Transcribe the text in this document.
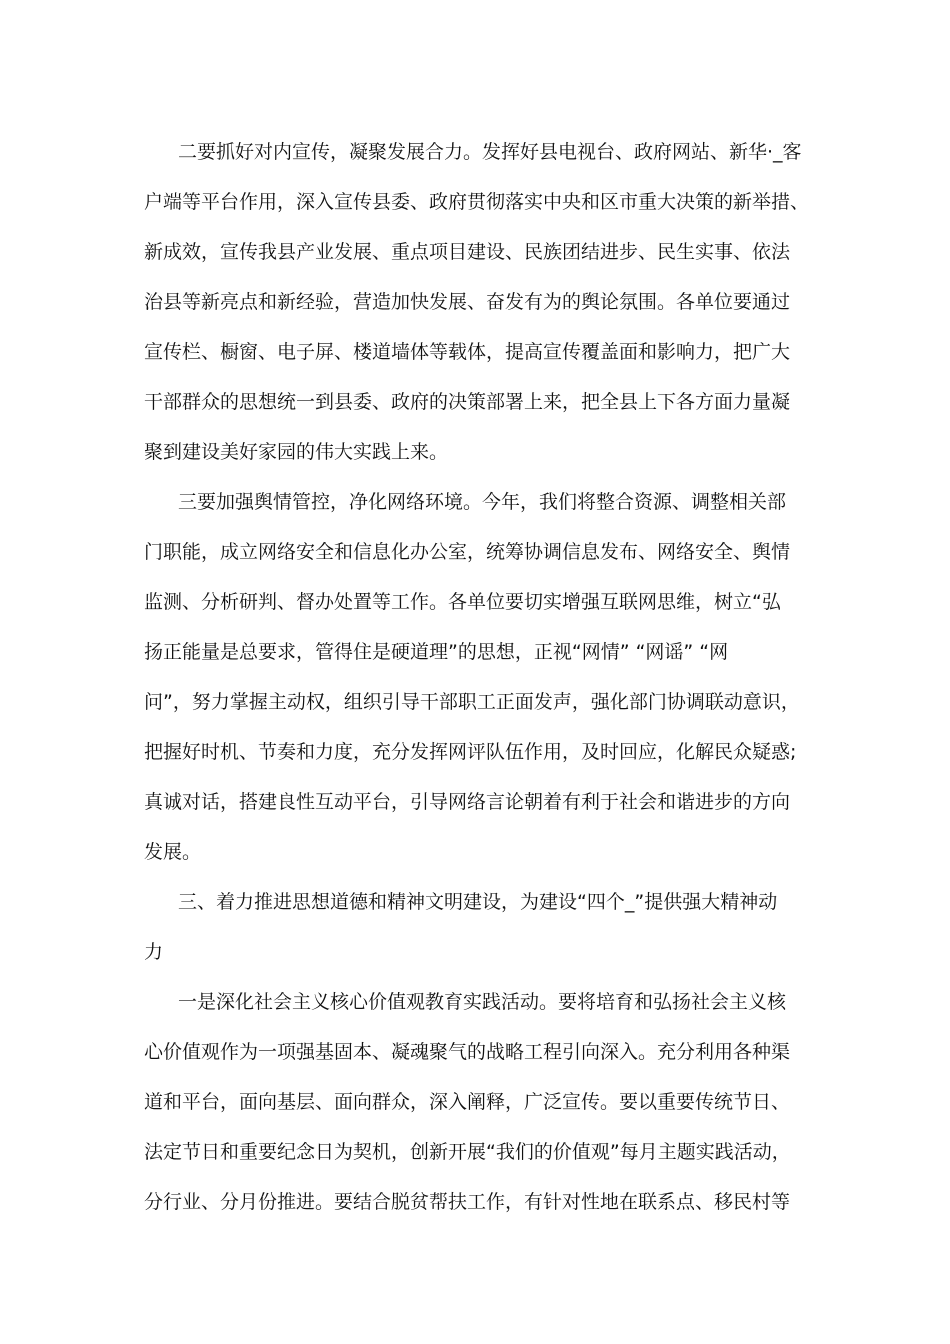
二要抓好对内宣传，凝聚发展合力。发挥好县电视台、政府网站、新华·_客
户端等平台作用，深入宣传县委、政府贯彻落实中央和区市重大决策的新举措、
新成效，宣传我县产业发展、重点项目建设、民族团结进步、民生实事、依法
治县等新亮点和新经验，营造加快发展、奋发有为的舆论氛围。各单位要通过
宣传栏、橱窗、电子屏、楼道墙体等载体，提高宣传覆盖面和影响力，把广大
干部群众的思想统一到县委、政府的决策部署上来，把全县上下各方面力量凝
聚到建设美好家园的伟大实践上来。
三要加强舆情管控，净化网络环境。今年，我们将整合资源、调整相关部
门职能，成立网络安全和信息化办公室，统筹协调信息发布、网络安全、舆情
监测、分析研判、督办处置等工作。各单位要切实增强互联网思维，树立“弘
扬正能量是总要求，管得住是硬道理”的思想，正视“网情” “网谣” “网
问”，努力掌握主动权，组织引导干部职工正面发声，强化部门协调联动意识，
把握好时机、节奏和力度，充分发挥网评队伍作用，及时回应，化解民众疑惑;
真诚对话，搭建良性互动平台，引导网络言论朝着有利于社会和谐进步的方向
发展。
三、着力推进思想道德和精神文明建设，为建设“四个_”提供强大精神动
力
一是深化社会主义核心价值观教育实践活动。要将培育和弘扬社会主义核
心价值观作为一项强基固本、凝魂聚气的战略工程引向深入。充分利用各种渠
道和平台，面向基层、面向群众，深入阐释，广泛宣传。要以重要传统节日、
法定节日和重要纪念日为契机，创新开展“我们的价值观”每月主题实践活动，
分行业、分月份推进。要结合脱贫帮扶工作，有针对性地在联系点、移民村等
